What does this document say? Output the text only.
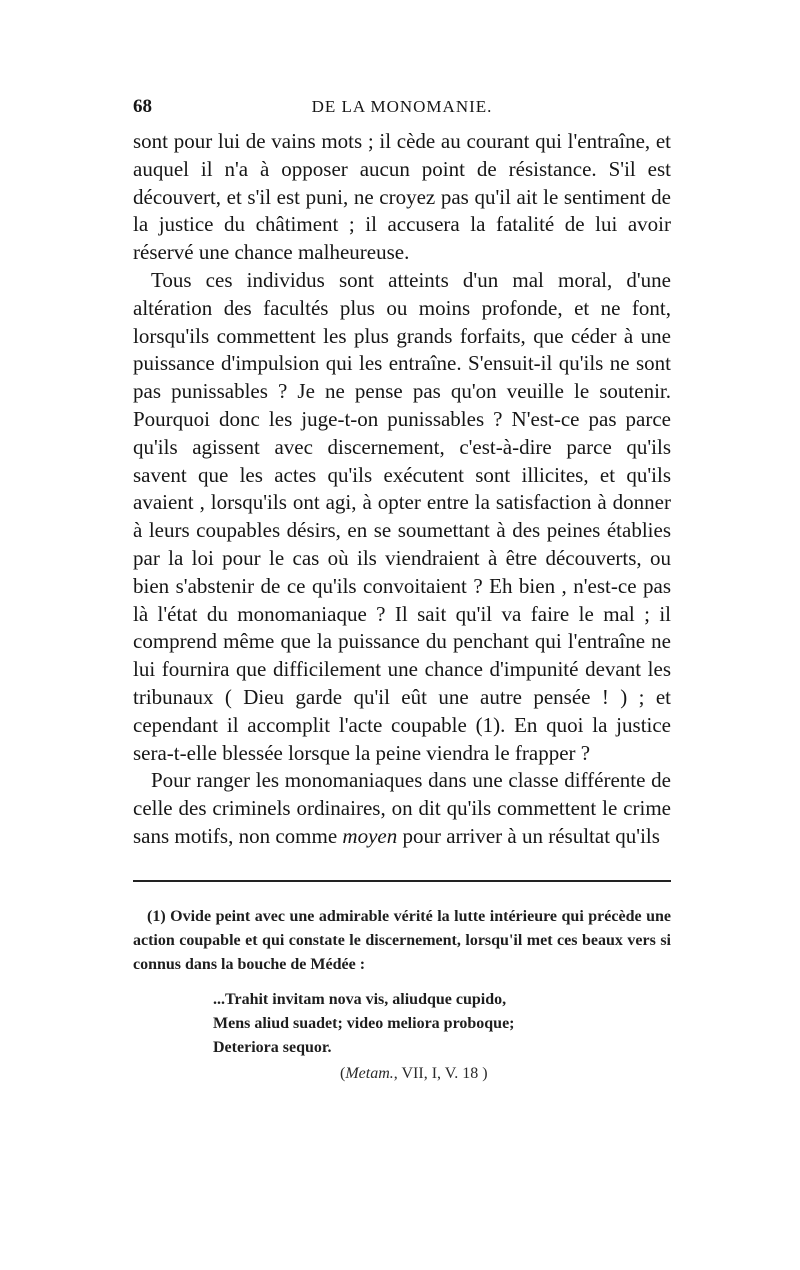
68	DE LA MONOMANIE.

sont pour lui de vains mots ; il cède au courant qui l'entraîne, et auquel il n'a à opposer aucun point de résistance. S'il est découvert, et s'il est puni, ne croyez pas qu'il ait le sentiment de la justice du châtiment ; il accusera la fatalité de lui avoir réservé une chance malheureuse.

Tous ces individus sont atteints d'un mal moral, d'une altération des facultés plus ou moins profonde, et ne font, lorsqu'ils commettent les plus grands forfaits, que céder à une puissance d'impulsion qui les entraîne. S'ensuit-il qu'ils ne sont pas punissables ? Je ne pense pas qu'on veuille le soutenir. Pourquoi donc les juge-t-on punissables ? N'est-ce pas parce qu'ils agissent avec discernement, c'est-à-dire parce qu'ils savent que les actes qu'ils exécutent sont illicites, et qu'ils avaient , lorsqu'ils ont agi, à opter entre la satisfaction à donner à leurs coupables désirs, en se soumettant à des peines établies par la loi pour le cas où ils viendraient à être découverts, ou bien s'abstenir de ce qu'ils convoitaient ? Eh bien , n'est-ce pas là l'état du monomaniaque ? Il sait qu'il va faire le mal ; il comprend même que la puissance du penchant qui l'entraîne ne lui fournira que difficilement une chance d'impunité devant les tribunaux ( Dieu garde qu'il eût une autre pensée ! ) ; et cependant il accomplit l'acte coupable (1). En quoi la justice sera-t-elle blessée lorsque la peine viendra le frapper ?

Pour ranger les monomaniaques dans une classe différente de celle des criminels ordinaires, on dit qu'ils commettent le crime sans motifs, non comme moyen pour arriver à un résultat qu'ils

(1) Ovide peint avec une admirable vérité la lutte intérieure qui précède une action coupable et qui constate le discernement, lorsqu'il met ces beaux vers si connus dans la bouche de Médée :

...Trahit invitam nova vis, aliudque cupido,
Mens aliud suadet; video meliora proboque;
Deteriora sequor.
(Metam., VII, I, V. 18 )
